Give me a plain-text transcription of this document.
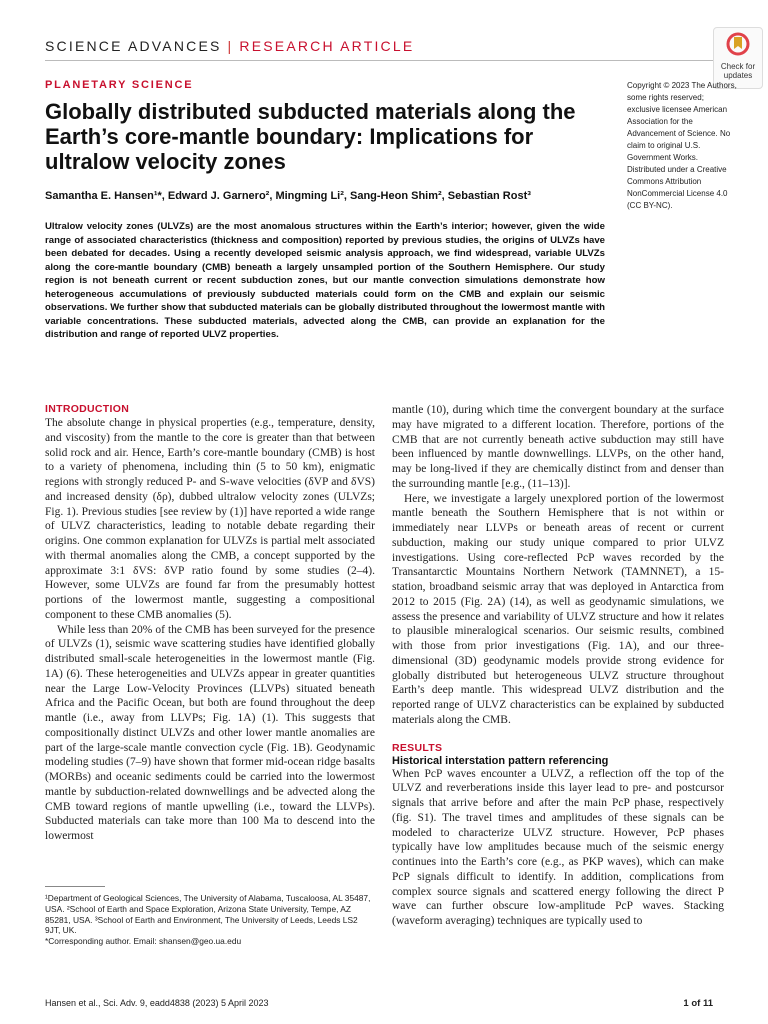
SCIENCE ADVANCES | RESEARCH ARTICLE
Check for
updates
PLANETARY SCIENCE
Globally distributed subducted materials along the Earth’s core-mantle boundary: Implications for ultralow velocity zones
Samantha E. Hansen¹*, Edward J. Garnero², Mingming Li², Sang-Heon Shim², Sebastian Rost³

Ultralow velocity zones (ULVZs) are the most anomalous structures within the Earth’s interior; however, given the wide range of associated characteristics (thickness and composition) reported by previous studies, the origins of ULVZs have been debated for decades. Using a recently developed seismic analysis approach, we find widespread, variable ULVZs along the core-mantle boundary (CMB) beneath a largely unsampled portion of the Southern Hemisphere. Our study region is not beneath current or recent subduction zones, but our mantle convection simulations demonstrate how heterogeneous accumulations of previously subducted materials could form on the CMB and explain our seismic observations. We further show that subducted materials can be globally distributed throughout the lowermost mantle with variable concentrations. These subducted materials, advected along the CMB, can provide an explanation for the distribution and range of reported ULVZ properties.

Copyright © 2023 The Authors, some rights reserved; exclusive licensee American Association for the Advancement of Science. No claim to original U.S. Government Works. Distributed under a Creative Commons Attribution NonCommercial License 4.0 (CC BY-NC).
INTRODUCTION

The absolute change in physical properties (e.g., temperature, density, and viscosity) from the mantle to the core is greater than that between solid rock and air. Hence, Earth’s core-mantle boundary (CMB) is host to a variety of phenomena, including thin (5 to 50 km), enigmatic regions with strongly reduced P- and S-wave velocities (δVP and δVS) and increased density (δρ), dubbed ultralow velocity zones (ULVZs; Fig. 1). Previous studies [see review by (1)] have reported a wide range of ULVZ characteristics, leading to notable debate regarding their origins. One common explanation for ULVZs is partial melt associated with thermal anomalies along the CMB, a concept supported by the approximate 3:1 δVS: δVP ratio found by some studies (2–4). However, some ULVZs are found far from the presumably hottest portions of the lowermost mantle, suggesting a compositional component to these CMB anomalies (5).

While less than 20% of the CMB has been surveyed for the presence of ULVZs (1), seismic wave scattering studies have identified globally distributed small-scale heterogeneities in the lowermost mantle (Fig. 1A) (6). These heterogeneities and ULVZs appear in greater quantities near the Large Low-Velocity Provinces (LLVPs) situated beneath Africa and the Pacific Ocean, but both are found throughout the deep mantle (i.e., away from LLVPs; Fig. 1A) (1). This suggests that compositionally distinct ULVZs and other lower mantle anomalies are part of the large-scale mantle convection cycle (Fig. 1B). Geodynamic modeling studies (7–9) have shown that former mid-ocean ridge basalts (MORBs) and oceanic sediments could be carried into the lowermost mantle by subduction-related downwellings and be advected along the CMB toward regions of mantle upwelling (i.e., toward the LLVPs). Subducted materials can take more than 100 Ma to descend into the lowermost

mantle (10), during which time the convergent boundary at the surface may have migrated to a different location. Therefore, portions of the CMB that are not currently beneath active subduction may still have been influenced by mantle downwellings. LLVPs, on the other hand, may be long-lived if they are chemically distinct from and denser than the surrounding mantle [e.g., (11–13)].

Here, we investigate a largely unexplored portion of the lowermost mantle beneath the Southern Hemisphere that is not within or immediately near LLVPs or beneath areas of recent or current subduction, making our study unique compared to prior ULVZ investigations. Using core-reflected PcP waves recorded by the Transantarctic Mountains Northern Network (TAMNNET), a 15-station, broadband seismic array that was deployed in Antarctica from 2012 to 2015 (Fig. 2A) (14), as well as geodynamic simulations, we assess the presence and variability of ULVZ structure and how it relates to plausible mineralogical scenarios. Our seismic results, combined with those from prior investigations (Fig. 1A), and our three-dimensional (3D) geodynamic models provide strong evidence for globally distributed but heterogeneous ULVZ structure throughout Earth’s deep mantle. This widespread ULVZ distribution and the reported range of ULVZ characteristics can be explained by subducted materials along the CMB.

RESULTS
Historical interstation pattern referencing

When PcP waves encounter a ULVZ, a reflection off the top of the ULVZ and reverberations inside this layer lead to pre- and postcursor signals that arrive before and after the main PcP phase, respectively (fig. S1). The travel times and amplitudes of these signals can be modeled to characterize ULVZ structure. However, PcP phases typically have low amplitudes because much of the seismic energy continues into the Earth’s core (e.g., as PKP waves), which can make PcP signals difficult to identify. In addition, complications from complex source signals and scattered energy following the direct P wave can further obscure low-amplitude PcP waves. Stacking (waveform averaging) techniques are typically used to

¹Department of Geological Sciences, The University of Alabama, Tuscaloosa, AL 35487, USA. ²School of Earth and Space Exploration, Arizona State University, Tempe, AZ 85281, USA. ³School of Earth and Environment, The University of Leeds, Leeds LS2 9JT, UK.

*Corresponding author. Email: shansen@geo.ua.edu

Hansen et al., Sci. Adv. 9, eadd4838 (2023) 5 April 2023	1 of 11
